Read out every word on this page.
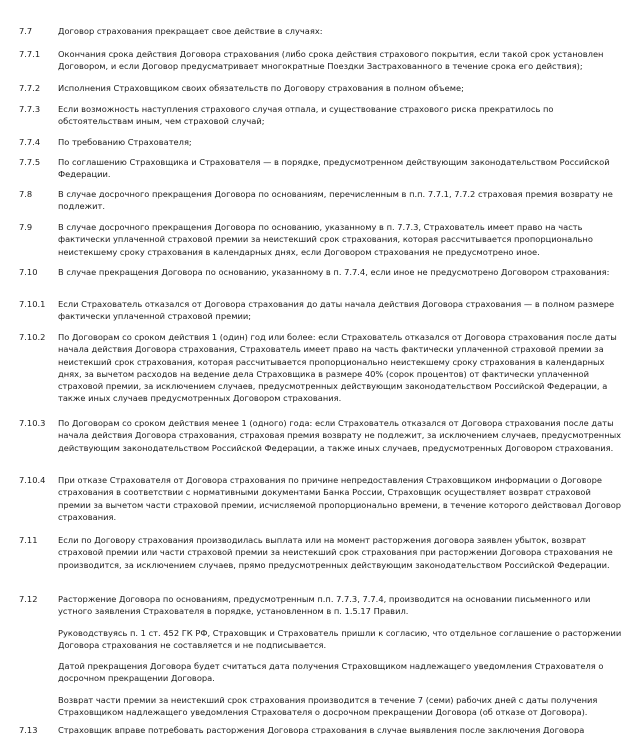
7.7	Договор страхования прекращает свое действие в случаях:

7.7.1 Окончания срока действия Договора страхования (либо срока действия страхового покрытия, если такой срок установлен Договором, и если Договор предусматривает многократные Поездки Застрахованного в течение срока его действия);

7.7.2 Исполнения Страховщиком своих обязательств по Договору страхования в полном объеме;

7.7.3 Если возможность наступления страхового случая отпала, и существование страхового риска прекратилось по обстоятельствам иным, чем страховой случай;

7.7.4 По требованию Страхователя;

7.7.5 По соглашению Страховщика и Страхователя — в порядке, предусмотренном действующим законодательством Российской Федерации.

7.8	В случае досрочного прекращения Договора по основаниям, перечисленным в п.п. 7.7.1, 7.7.2 страховая премия возврату не подлежит.

7.9	В случае досрочного прекращения Договора по основанию, указанному в п. 7.7.3, Страхователь имеет право на часть фактически уплаченной страховой премии за неистекший срок страхования, которая рассчитывается пропорционально неистекшему сроку страхования в календарных днях, если Договором страхования не предусмотрено иное.

7.10 В случае прекращения Договора по основанию, указанному в п. 7.7.4, если иное не предусмотрено Договором страхования:

7.10.1 Если Страхователь отказался от Договора страхования до даты начала действия Договора страхования — в полном размере фактически уплаченной страховой премии;

7.10.2 По Договорам со сроком действия 1 (один) год или более: если Страхователь отказался от Договора страхования после даты начала действия Договора страхования, Страхователь имеет право на часть фактически уплаченной страховой премии за неистекший срок страхования, которая рассчитывается пропорционально неистекшему сроку страхования в календарных днях, за вычетом расходов на ведение дела Страховщика в размере 40% (сорок процентов) от фактически уплаченной страховой премии, за исключением случаев, предусмотренных действующим законодательством Российской Федерации, а также иных случаев предусмотренных Договором страхования.

7.10.3 По Договорам со сроком действия менее 1 (одного) года: если Страхователь отказался от Договора страхования после даты начала действия Договора страхования, страховая премия возврату не подлежит, за исключением случаев, предусмотренных действующим законодательством Российской Федерации, а также иных случаев, предусмотренных Договором страхования.

7.10.4 При отказе Страхователя от Договора страхования по причине непредоставления Страховщиком информации о Договоре страхования в соответствии с нормативными документами Банка России, Страховщик осуществляет возврат страховой премии за вычетом части страховой премии, исчисляемой пропорционально времени, в течение которого действовал Договор страхования.

7.11 Если по Договору страхования производилась выплата или на момент расторжения договора заявлен убыток, возврат страховой премии или части страховой премии за неистекший срок страхования при расторжении Договора страхования не производится, за исключением случаев, прямо предусмотренных действующим законодательством Российской Федерации.

7.12 Расторжение Договора по основаниям, предусмотренным п.п. 7.7.3, 7.7.4, производится на основании письменного или устного заявления Страхователя в порядке, установленном в п. 1.5.17 Правил.

Руководствуясь п. 1 ст. 452 ГК РФ, Страховщик и Страхователь пришли к согласию, что отдельное соглашение о расторжении Договора страхования не составляется и не подписывается.

Датой прекращения Договора будет считаться дата получения Страховщиком надлежащего уведомления Страхователя о досрочном прекращении Договора.

Возврат части премии за неистекший срок страхования производится в течение 7 (семи) рабочих дней с даты получения Страховщиком надлежащего уведомления Страхователя о досрочном прекращении Договора (об отказе от Договора).

7.13 Страховщик вправе потребовать расторжения Договора страхования в случае выявления после заключения Договора
